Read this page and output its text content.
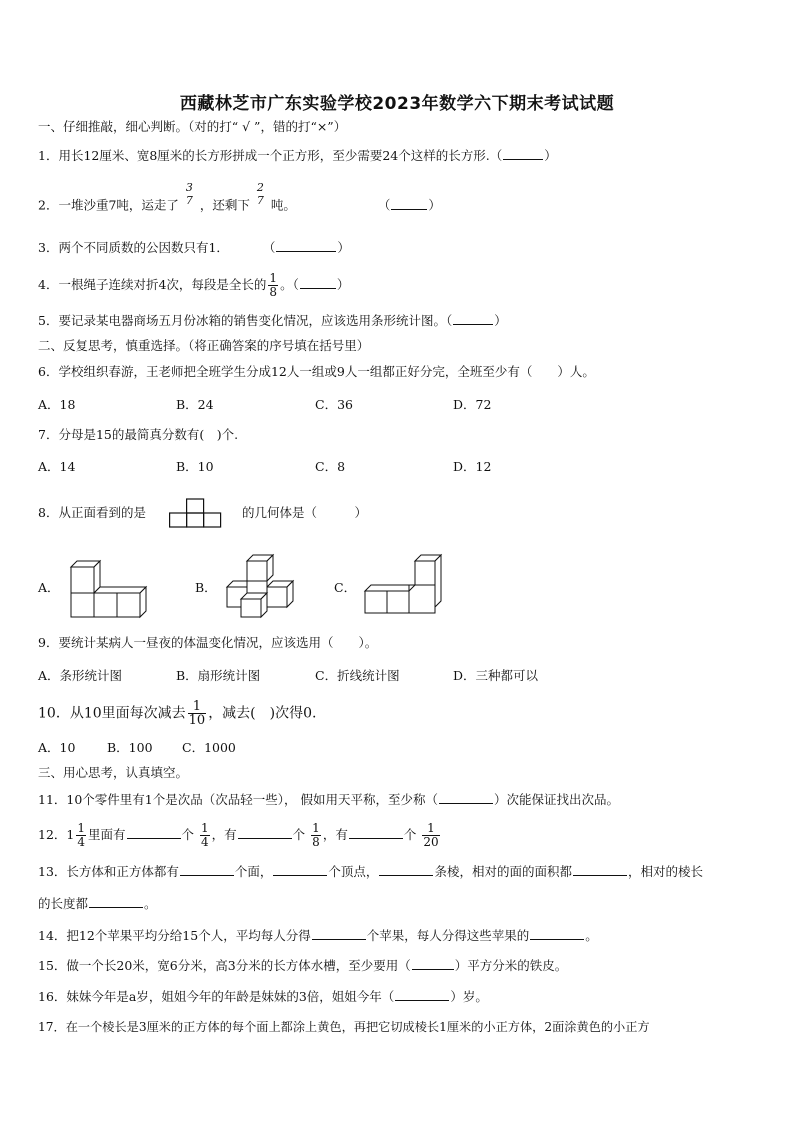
西藏林芝市广东实验学校2023年数学六下期末考试试题
一、仔细推敲，细心判断。（对的打“ √ ”，错的打“×”）
1．用长12厘米、宽8厘米的长方形拼成一个正方形，至少需要24个这样的长方形.（	）
2．一堆沙重7吨，运走了
3
7 ，还剩下
2
7 吨。	（	）
3．两个不同质数的公因数只有1．	（	）
4．一根绳子连续对折4次，每段是全长的 $\frac{1}{8}$ 。（	）
5．要记录某电器商场五月份冰箱的销售变化情况，应该选用条形统计图。（	）
二、反复思考，慎重选择。（将正确答案的序号填在括号里）
6．学校组织春游，王老师把全班学生分成12人一组或9人一组都正好分完，全班至少有（　　）人。
A．18	B．24	C．36	D．72
7．分母是15的最简真分数有(　)个.
A．14	B．10	C．8	D．12
8．从正面看到的是	的几何体是（　　　）
A．	B．	C．
9．要统计某病人一昼夜的体温变化情况，应该选用（　　）。
A．条形统计图	B．扇形统计图	C．折线统计图	D．三种都可以
10．从10里面每次减去 $\frac{1}{10}$ ，减去(　)次得0.
A．10	B．100 C．1000
三、用心思考，认真填空。
11．10个零件里有1个是次品（次品轻一些）， 假如用天平称，至少称（	）次能保证找出次品。
12．$1 \frac{1}{4}$ 里面有	个 $\frac{1}{4}$ ，有	个 $\frac{1}{8}$ ，有	个 $\frac{1}{20}$
13．长方体和正方体都有	个面，	个顶点，	条棱，相对的面的面积都	，相对的棱长
的长度都	。
14．把12个苹果平均分给15个人，平均每人分得	个苹果，每人分得这些苹果的	。
15．做一个长20米，宽6分米，高3分米的长方体水槽，至少要用（	）平方分米的铁皮。
16．妹妹今年是a岁，姐姐今年的年龄是妹妹的3倍，姐姐今年（	）岁。
17．在一个棱长是3厘米的正方体的每个面上都涂上黄色，再把它切成棱长1厘米的小正方体，2面涂黄色的小正方
